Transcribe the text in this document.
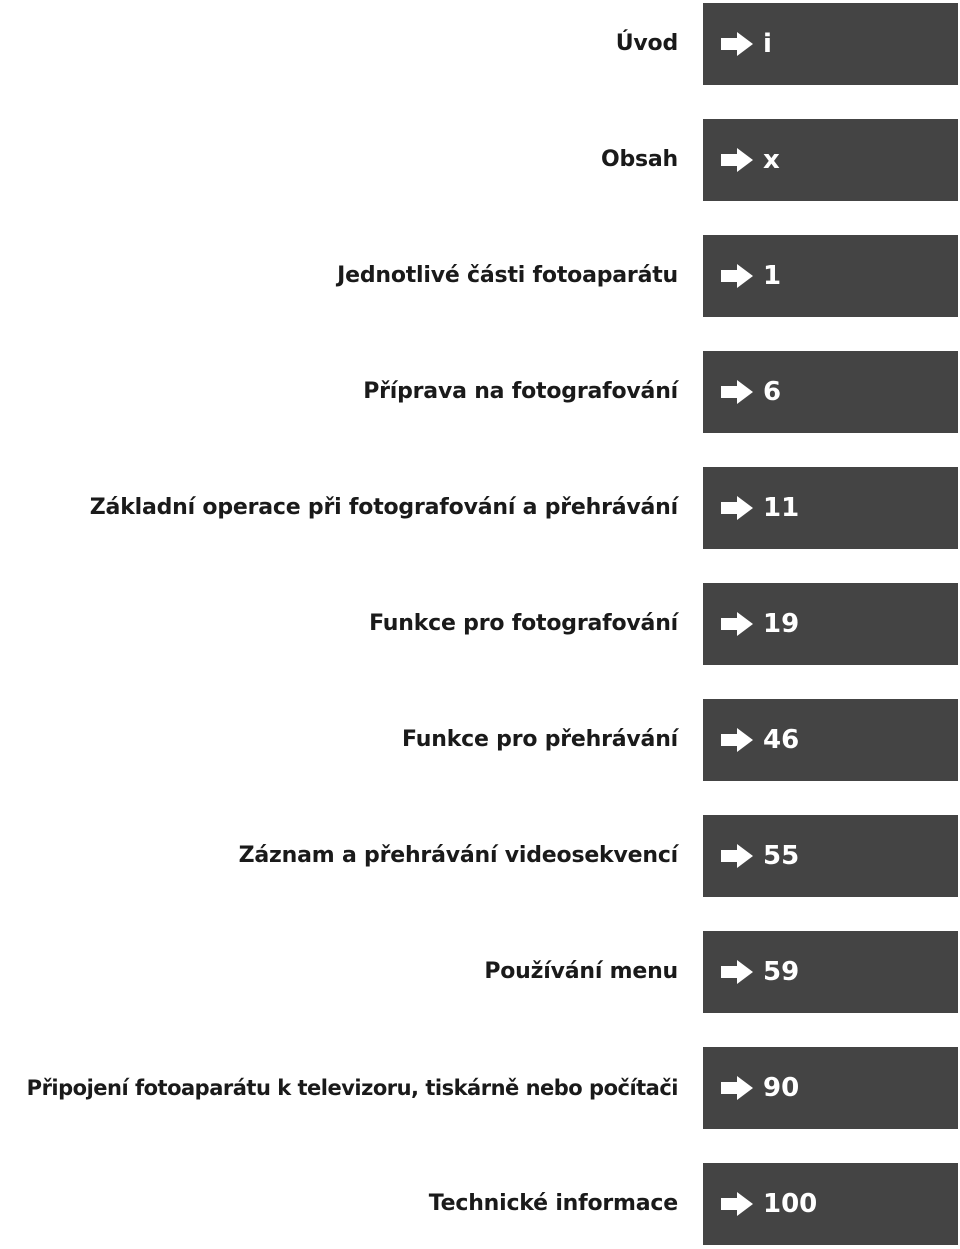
Úvod	i
Obsah	x
Jednotlivé části fotoaparátu	1
Příprava na fotografování	6
Základní operace při fotografování a přehrávání	11
Funkce pro fotografování	19
Funkce pro přehrávání	46
Záznam a přehrávání videosekvencí	55
Používání menu	59
Připojení fotoaparátu k televizoru, tiskárně nebo počítači	90
Technické informace	100
